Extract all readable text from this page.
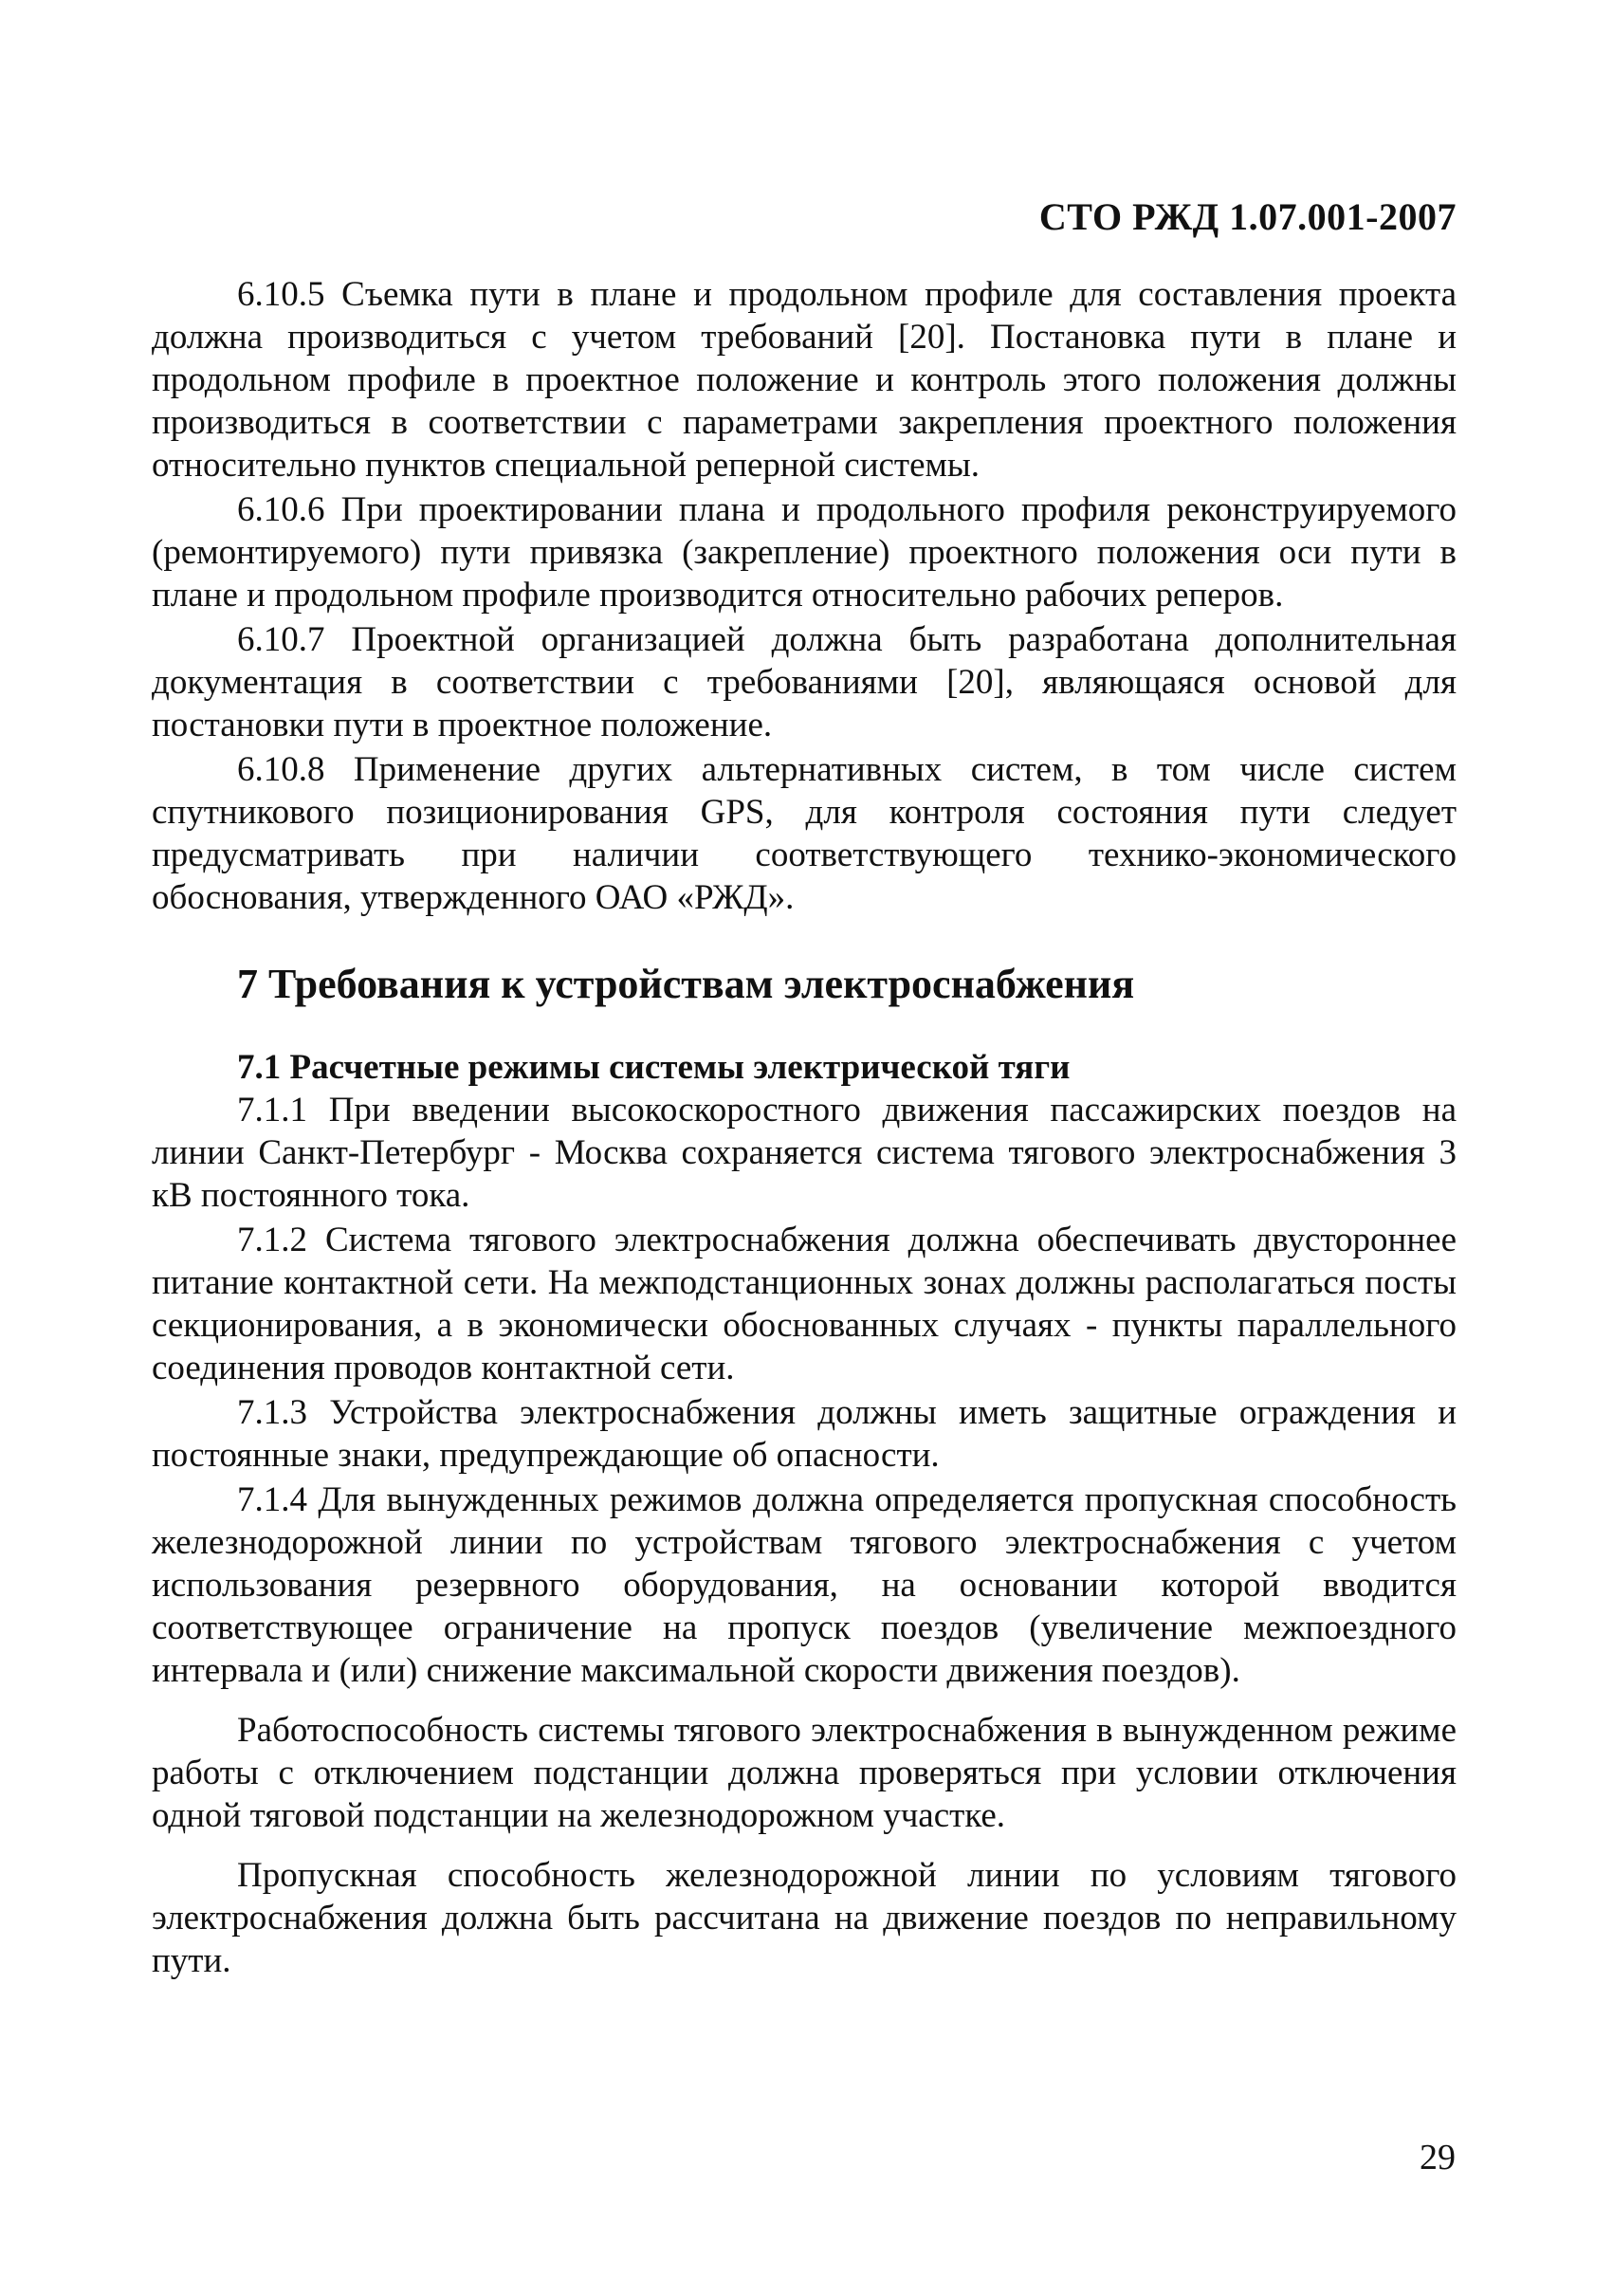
СТО РЖД 1.07.001-2007

6.10.5 Съемка пути в плане и продольном профиле для составления проекта должна производиться с учетом требований [20]. Постановка пути в плане и продольном профиле в проектное положение и контроль этого положения должны производиться в соответствии с параметрами закрепления проектного положения относительно пунктов специальной реперной системы.

6.10.6 При проектировании плана и продольного профиля реконструируемого (ремонтируемого) пути привязка (закрепление) проектного положения оси пути в плане и продольном профиле производится относительно рабочих реперов.

6.10.7 Проектной организацией должна быть разработана дополнительная документация в соответствии с требованиями [20], являющаяся основой для постановки пути в проектное положение.

6.10.8 Применение других альтернативных систем, в том числе систем спутникового позиционирования GPS, для контроля состояния пути следует предусматривать при наличии соответствующего технико-экономического обоснования, утвержденного ОАО «РЖД».

7 Требования к устройствам электроснабжения
7.1 Расчетные режимы системы электрической тяги

7.1.1 При введении высокоскоростного движения пассажирских поездов на линии Санкт-Петербург - Москва сохраняется система тягового электроснабжения 3 кВ постоянного тока.

7.1.2 Система тягового электроснабжения должна обеспечивать двустороннее питание контактной сети. На межподстанционных зонах должны располагаться посты секционирования, а в экономически обоснованных случаях - пункты параллельного соединения проводов контактной сети.

7.1.3 Устройства электроснабжения должны иметь защитные ограждения и постоянные знаки, предупреждающие об опасности.

7.1.4 Для вынужденных режимов должна определяется пропускная способность железнодорожной линии по устройствам тягового электроснабжения с учетом использования резервного оборудования, на основании которой вводится соответствующее ограничение на пропуск поездов (увеличение межпоездного интервала и (или) снижение максимальной скорости движения поездов).

Работоспособность системы тягового электроснабжения в вынужденном режиме работы с отключением подстанции должна проверяться при условии отключения одной тяговой подстанции на железнодорожном участке.

Пропускная способность железнодорожной линии по условиям тягового электроснабжения должна быть рассчитана на движение поездов по неправильному пути.

29
